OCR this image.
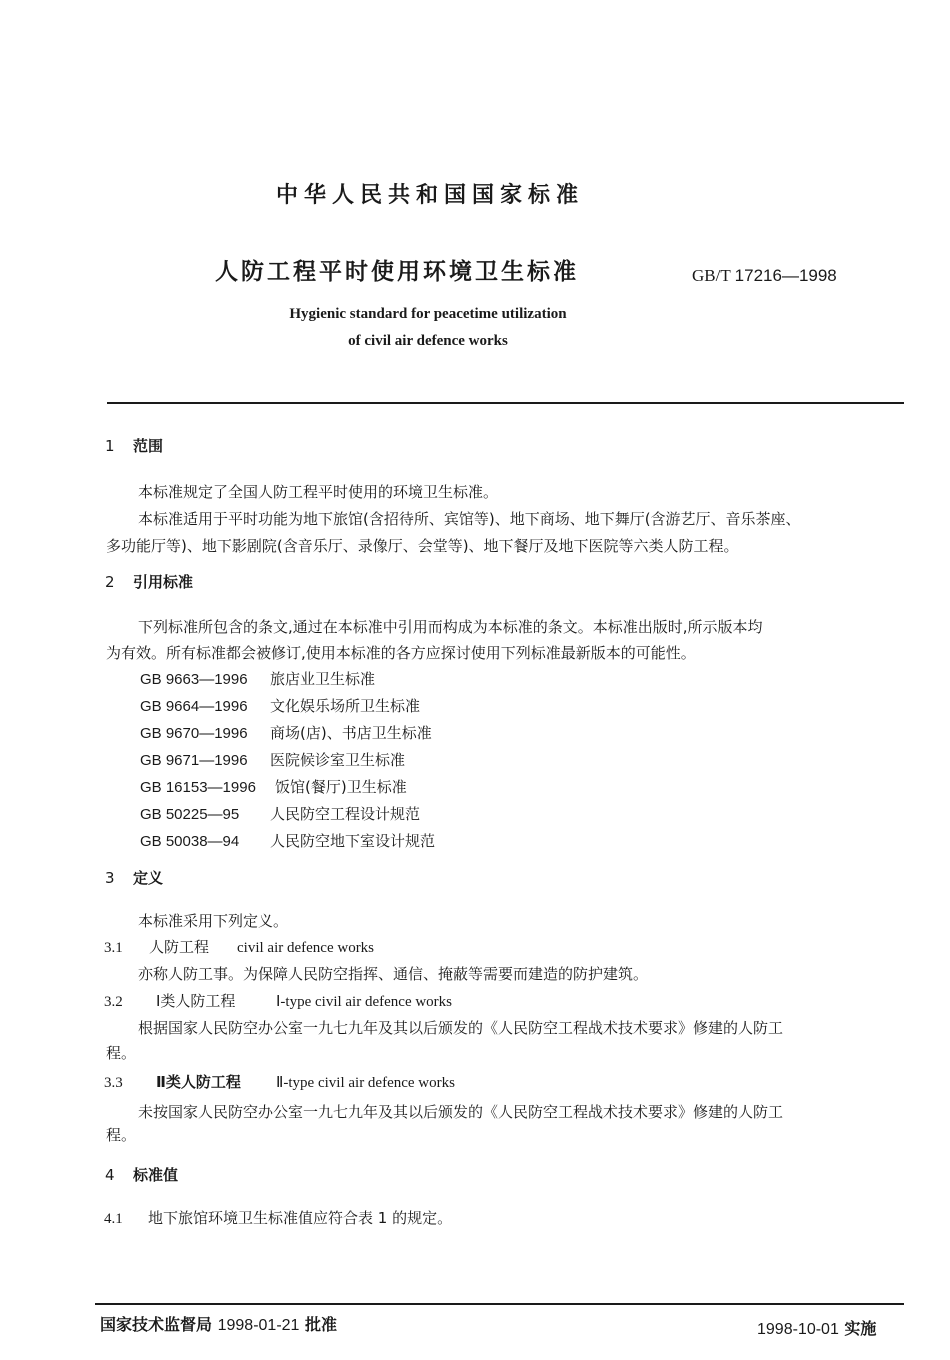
中华人民共和国国家标准
人防工程平时使用环境卫生标准	GB/T 17216—1998
Hygienic standard for peacetime utilization
of civil air defence works
1 范围
本标准规定了全国人防工程平时使用的环境卫生标准。
本标准适用于平时功能为地下旅馆(含招待所、宾馆等)、地下商场、地下舞厅(含游艺厅、音乐茶座、
多功能厅等)、地下影剧院(含音乐厅、录像厅、会堂等)、地下餐厅及地下医院等六类人防工程。
2 引用标准
下列标准所包含的条文,通过在本标准中引用而构成为本标准的条文。本标准出版时,所示版本均
为有效。所有标准都会被修订,使用本标准的各方应探讨使用下列标准最新版本的可能性。
GB 9663—1996 旅店业卫生标准
GB 9664—1996 文化娱乐场所卫生标准
GB 9670—1996 商场(店)、书店卫生标准
GB 9671—1996 医院候诊室卫生标准
GB 16153—1996 饭馆(餐厅)卫生标准
GB 50225—95 人民防空工程设计规范
GB 50038—94 人民防空地下室设计规范
3 定义
本标准采用下列定义。
3.1 人防工程 civil air defence works
亦称人防工事。为保障人民防空指挥、通信、掩蔽等需要而建造的防护建筑。
3.2 Ⅰ类人防工程	Ⅰ-type civil air defence works
根据国家人民防空办公室一九七九年及其以后颁发的《人民防空工程战术技术要求》修建的人防工
程。
3.3 Ⅱ类人防工程 Ⅱ-type civil air defence works
未按国家人民防空办公室一九七九年及其以后颁发的《人民防空工程战术技术要求》修建的人防工
程。
4 标准值
4.1 地下旅馆环境卫生标准值应符合表 1 的规定。
国家技术监督局 1998-01-21 批准	1998-10-01 实施
